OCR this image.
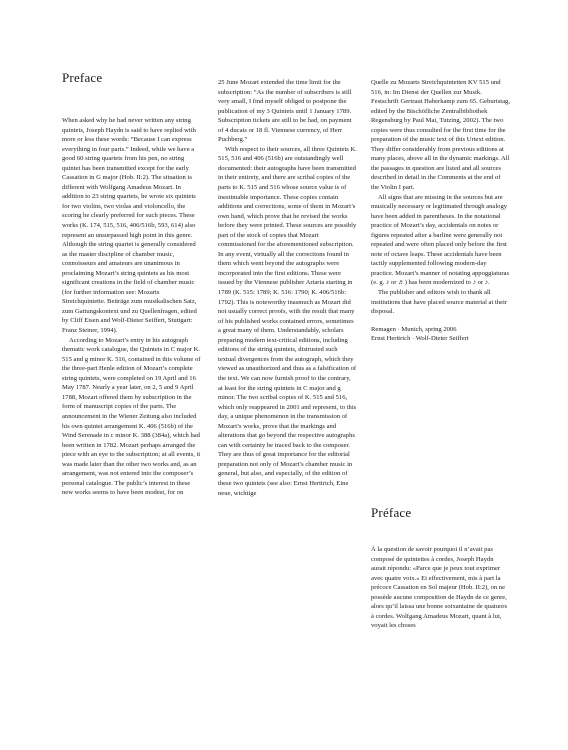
Preface

When asked why he had never written any string quintets, Joseph Haydn is said to have replied with more or less these words: “Because I can express everything in four parts.” Indeed, while we have a good 60 string quartets from his pen, no string quintet has been transmitted except for the early Cassation in G major (Hob. II:2). The situation is different with Wolfgang Amadeus Mozart. In addition to 23 string quartets, he wrote six quintets for two violins, two violas and violoncello, the scoring he clearly preferred for such pieces. These works (K. 174, 515, 516, 406/516b, 593, 614) also represent an unsurpassed high point in this genre. Although the string quartet is generally considered as the master discipline of chamber music, connoisseurs and amateurs are unanimous in proclaiming Mozart’s string quintets as his most significant creations in the field of chamber music (for further information see: Mozarts Streichquintette. Beiträge zum musikalischen Satz, zum Gattungskontext und zu Quellenfragen, edited by Cliff Eisen and Wolf-Dieter Seiffert, Stuttgart: Franz Steiner, 1994).

According to Mozart’s entry in his autograph thematic work catalogue, the Quintets in C major K. 515 and g minor K. 516, contained in this volume of the three-part Henle edition of Mozart’s complete string quintets, were completed on 19 April and 16 May 1787. Nearly a year later, on 2, 5 and 9 April 1788, Mozart offered them by subscription in the form of manuscript copies of the parts. The announcement in the Wiener Zeitung also included his own quintet arrangement K. 406 (516b) of the Wind Serenade in c minor K. 388 (384a), which had been written in 1782. Mozart perhaps arranged the piece with an eye to the subscription; at all events, it was made later than the other two works and, as an arrangement, was not entered into the composer’s personal catalogue. The public’s interest in these new works seems to have been modest, for on

25 June Mozart extended the time limit for the subscription: “As the number of subscribers is still very small, I find myself obliged to postpone the publication of my 3 Quintets until 1 January 1789. Subscription tickets are still to be had, on payment of 4 ducats or 18 fl. Viennese currency, of Herr Puchberg.”

With respect to their sources, all three Quintets K. 515, 516 and 406 (516b) are outstandingly well documented: their autographs have been transmitted in their entirety, and there are scribal copies of the parts to K. 515 and 516 whose source value is of inestimable importance. These copies contain additions and corrections, some of them in Mozart’s own hand, which prove that he revised the works before they were printed. These sources are possibly part of the stock of copies that Mozart commissioned for the aforementioned subscription. In any event, virtually all the corrections found in them which went beyond the autographs were incorporated into the first editions. These were issued by the Viennese publisher Artaria starting in 1789 (K. 515: 1789; K. 516: 1790; K. 406/516b: 1792). This is noteworthy inasmuch as Mozart did not usually correct proofs, with the result that many of his published works contained errors, sometimes a great many of them. Understandably, scholars preparing modern text-critical editions, including editions of the string quintets, distrusted such textual divergences from the autograph, which they viewed as unauthorized and thus as a falsification of the text. We can now furnish proof to the contrary, at least for the string quintets in C major and g minor. The two scribal copies of K. 515 and 516, which only reappeared in 2001 and represent, to this day, a unique phenomenon in the transmission of Mozart’s works, prove that the markings and alterations that go beyond the respective autographs can with certainty be traced back to the composer. They are thus of great importance for the editorial preparation not only of Mozart’s chamber music in general, but also, and especially, of the edition of these two quintets (see also: Ernst Herttrich, Eine neue, wichtige

Quelle zu Mozarts Streichquintetten KV 515 und 516, in: Im Dienst der Quellen zur Musik. Festschrift Gertraut Haberkamp zum 65. Geburtstag, edited by the Bischöfliche Zentralbibliothek Regensburg by Paul Mai, Tutzing, 2002). The two copies were thus consulted for the first time for the preparation of the music text of this Urtext edition. They differ considerably from previous editions at many places, above all in the dynamic markings. All the passages in question are listed and all sources described in detail in the Comments at the end of the Violin I part.

All signs that are missing in the sources but are musically necessary or legitimated through analogy have been added in parentheses. In the notational practice of Mozart’s day, accidentals on notes or figures repeated after a barline were generally not repeated and were often placed only before the first note of octave leaps. These accidentals have been tacitly supplemented following modern-day practice. Mozart’s manner of notating appoggiaturas (e. g. ♪ or ♬) has been modernized to ♪ or ♪.

The publisher and editors wish to thank all institutions that have placed source material at their disposal.

Remagen · Munich, spring 2006

Ernst Herttrich · Wolf-Dieter Seiffert

Préface

À la question de savoir pourquoi il n’avait pas composé de quintettes à cordes, Joseph Haydn aurait répondu: «Parce que je peux tout exprimer avec quatre voix.» Et effectivement, mis à part la précoce Cassation en Sol majeur (Hob. II:2), on ne possède aucune composition de Haydn de ce genre, alors qu’il laissa une bonne soixantaine de quatuors à cordes. Wolfgang Amadeus Mozart, quant à lui, voyait les choses
